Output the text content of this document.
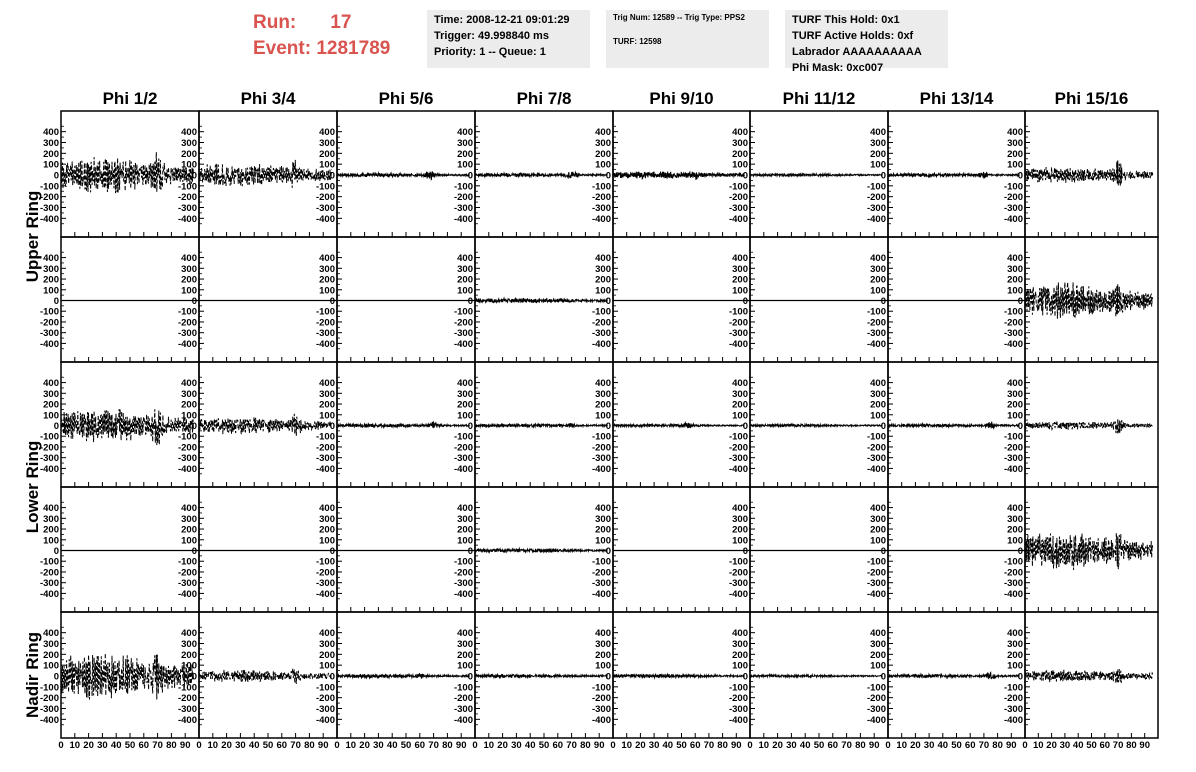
Run: 17
Event: 1281789
Time: 2008-12-21 09:01:29
Trigger: 49.998840 ms
Priority: 1 -- Queue: 1
Trig Num: 12589 -- Trig Type: PPS2
TURF: 12598
TURF This Hold: 0x1
TURF Active Holds: 0xf
Labrador AAAAAAAAAA
Phi Mask: 0xc007
Phi 1/2	Phi 3/4	Phi 5/6	Phi 7/8	Phi 9/10	Phi 11/12	Phi 13/14	Phi 15/16
Upper Ring
Lower Ring
Nadir Ring
-400
-300
-200
-100
0
100
200
300
400
-400
-300
-200
-100
0
100
200
300
400
-400
-300
-200
-100
0
100
200
300
400
-400
-300
-200
-100
0
100
200
300
400
-400
-300
-200
-100
0
100
200
300
400
-400
-300
-200
-100
0
100
200
300
400
-400
-300
-200
-100
0
100
200
300
400
-400
-300
-200
-100
0
100
200
300
400
-400
-300
-200
-100
0
100
200
300
400
-400
-300
-200
-100
0
100
200
300
400
-400
-300
-200
-100
0
100
200
300
400
-400
-300
-200
-100
0
100
200
300
400
-400
-300
-200
-100
0
100
200
300
400
-400
-300
-200
-100
0
100
200
300
400
-400
-300
-200
-100
0
100
200
300
400
-400
-300
-200
-100
0
100
200
300
400
-400
-300
-200
-100
0
100
200
300
400
-400
-300
-200
-100
0
100
200
300
400
-400
-300
-200
-100
0
100
200
300
400
-400
-300
-200
-100
0
100
200
300
400
-400
-300
-200
-100
0
100
200
300
400
-400
-300
-200
-100
0
100
200
300
400
-400
-300
-200
-100
0
100
200
300
400
-400
-300
-200
-100
0
100
200
300
400
-400
-300
-200
-100
0
100
200
300
400
-400
-300
-200
-100
0
100
200
300
400
-400
-300
-200
-100
0
100
200
300
400
-400
-300
-200
-100
0
100
200
300
400
-400
-300
-200
-100
0
100
200
300
400
-400
-300
-200
-100
0
100
200
300
400
-400
-300
-200
-100
0
100
200
300
400
-400
-300
-200
-100
0
100
200
300
400
-400
-300
-200
-100
0
100
200
300
400
-400
-300
-200
-100
0
100
200
300
400
-400
-300
-200
-100
0
100
200
300
400
-400
-300
-200
-100
0
100
200
300
400
-400
-300
-200
-100
0
100
200
300
400
-400
-300
-200
-100
0
100
200
300
400
-400
-300
-200
-100
0
100
200
300
400
-400
-300
-200
-100
0
100
200
300
400
0 10 20 30 40 50 60 70 80 90 0 10 20 30 40 50 60 70 80 90 0 10 20 30 40 50 60 70 80 90 0 10 20 30 40 50 60 70 80 90 0 10 20 30 40 50 60 70 80 90 0 10 20 30 40 50 60 70 80 90 0 10 20 30 40 50 60 70 80 90 0 10 20 30 40 50 60 70 80 90
